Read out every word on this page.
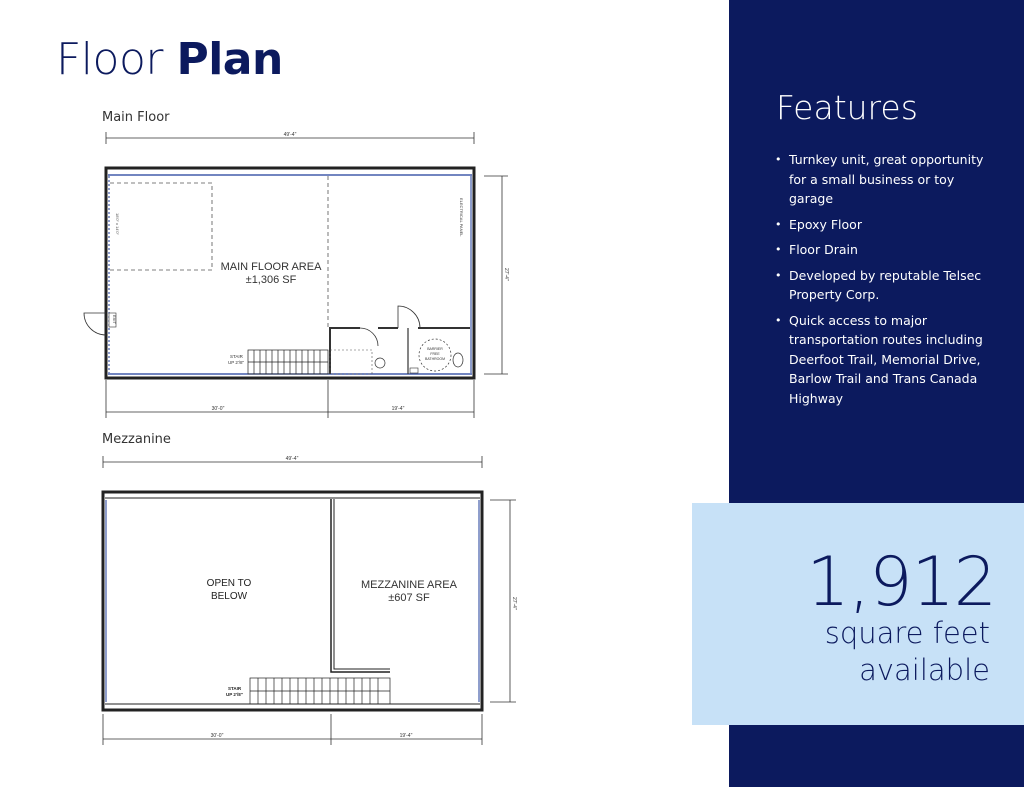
Floor Plan
Main Floor
49'-4"
18'0" x 14'0"
EXIT
ELECTRICAL PANEL
MAIN FLOOR AREA
±1,306 SF
BARRIER
FREE
BATHROOM
STAIR
UP 2'/8"
27'-4"
30'-0"	19'-4"
Mezzanine
49'-4"
OPEN TO
BELOW
MEZZANINE AREA
±607 SF
STAIR
UP 2'/8"
27'-4"
30'-0"	19'-4"
Features
• Turnkey unit, great opportunity for a small business or toy garage
• Epoxy Floor
• Floor Drain
• Developed by reputable Telsec Property Corp.
• Quick access to major transportation routes including Deerfoot Trail, Memorial Drive, Barlow Trail and Trans Canada Highway
1,912
square feet
available
